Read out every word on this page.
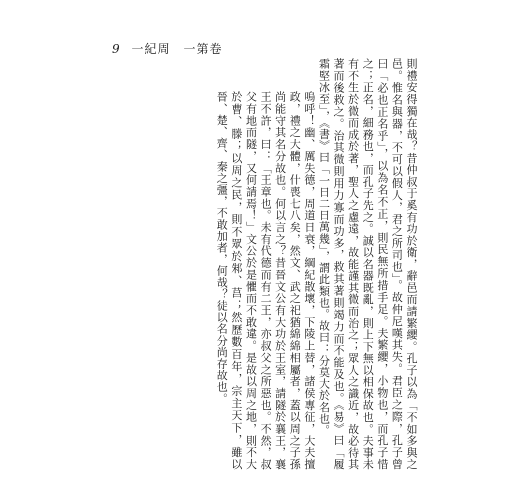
9 一紀周　一第卷

則禮安得獨在哉？昔仲叔于奚有功於衛，辭邑而請繁纓。孔子以為「不如多與之邑。惟名與器，不可以假人，君之所司也」。故仲尼嘆其失。君臣之際，孔子曾曰「必也正名乎」，以為名不正，則民無所措手足。夫繁纓，小物也，而孔子惜之；正名，細務也，而孔子先之。誠以名器既亂，則上下無以相保故也。夫事未有不生於微而成於著，聖人之慮遠，故能謹其微而治之；眾人之識近，故必待其著而後救之。治其微則用力寡而功多，救其著則竭力而不能及也。《易》曰「履霜堅冰至」，《書》曰「一日二日萬幾」，謂此類也。故曰：分莫大於名也。

嗚呼！幽、厲失德，周道日衰，綱紀散壞，下陵上替，諸侯專征，大夫擅政，禮之大體，什喪七八矣，然文、武之祀猶綿綿相屬者，蓋以周之子孫尚能守其名分故也。何以言之？昔晉文公有大功於王室，請隧於襄王，襄王不許，曰：「王章也。未有代德而有二王，亦叔父之所惡也。不然，叔父有地而隧，又何請焉！」文公於是懼而不敢違。是故以周之地，則不大於曹、滕；以周之民，則不眾於邾、莒；然歷數百年，宗主天下，雖以晉、楚、齊、秦之彊，不敢加者，何哉？徒以名分尚存故也。
